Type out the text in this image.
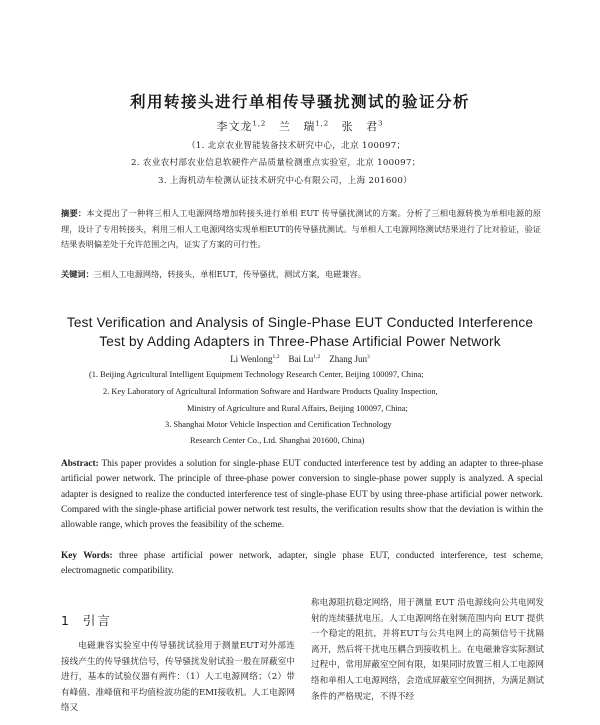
利用转接头进行单相传导骚扰测试的验证分析
李文龙$^{1,2}$ 兰 瑞$^{1,2}$ 张 君$^3$
（1. 北京农业智能装备技术研究中心，北京 100097；
2. 农业农村部农业信息软硬件产品质量检测重点实验室，北京 100097；
3. 上海机动车检测认证技术研究中心有限公司，上海 201600）
摘要：本文提出了一种将三相人工电源网络增加转接头进行单相 EUT 传导骚扰测试的方案。分析了三相电源转换为单相电源的原理，设计了专用转接头，利用三相人工电源网络实现单相EUT的传导骚扰测试。与单相人工电源网络测试结果进行了比对验证，验证结果表明偏差处于允许范围之内，证实了方案的可行性。
关键词：三相人工电源网络，转接头，单相EUT，传导骚扰，测试方案，电磁兼容。
Test Verification and Analysis of Single-Phase EUT Conducted Interference
Test by Adding Adapters in Three-Phase Artificial Power Network
Li Wenlong$^{1,2}$ Bai Lu$^{1,2}$ Zhang Jun$^3$
(1. Beijing Agricultural Intelligent Equipment Technology Research Center, Beijing 100097, China;
2. Key Laboratory of Agricultural Information Software and Hardware Products Quality Inspection,
Ministry of Agriculture and Rural Affairs, Beijing 100097, China;
3. Shanghai Motor Vehicle Inspection and Certification Technology
Research Center Co., Ltd. Shanghai 201600, China)
Abstract: This paper provides a solution for single-phase EUT conducted interference test by adding an adapter to three-phase artificial power network. The principle of three-phase power conversion to single-phase power supply is analyzed. A special adapter is designed to realize the conducted interference test of single-phase EUT by using three-phase artificial power network. Compared with the single-phase artificial power network test results, the verification results show that the deviation is within the allowable range, which proves the feasibility of the scheme.
Key Words: three phase artificial power network, adapter, single phase EUT, conducted interference, test scheme, electromagnetic compatibility.
1 引言
电磁兼容实验室中传导骚扰试验用于测量EUT对外部连接线产生的传导骚扰信号，传导骚扰发射试验一般在屏蔽室中进行，基本的试验仪器有两件：（1）人工电源网络；（2）带有峰值、准峰值和平均值检波功能的EMI接收机。人工电源网络又
称电源阻抗稳定网络，用于测量 EUT 沿电源线向公共电网发射的连续骚扰电压。人工电源网络在射频范围内向 EUT 提供一个稳定的阻抗，并将EUT与公共电网上的高频信号干扰隔离开，然后将干扰电压耦合到接收机上。在电磁兼容实际测试过程中，常用屏蔽室空间有限，如果同时放置三相人工电源网络和单相人工电源网络，会造成屏蔽室空间拥挤，为满足测试条件的严格规定，不得不经
